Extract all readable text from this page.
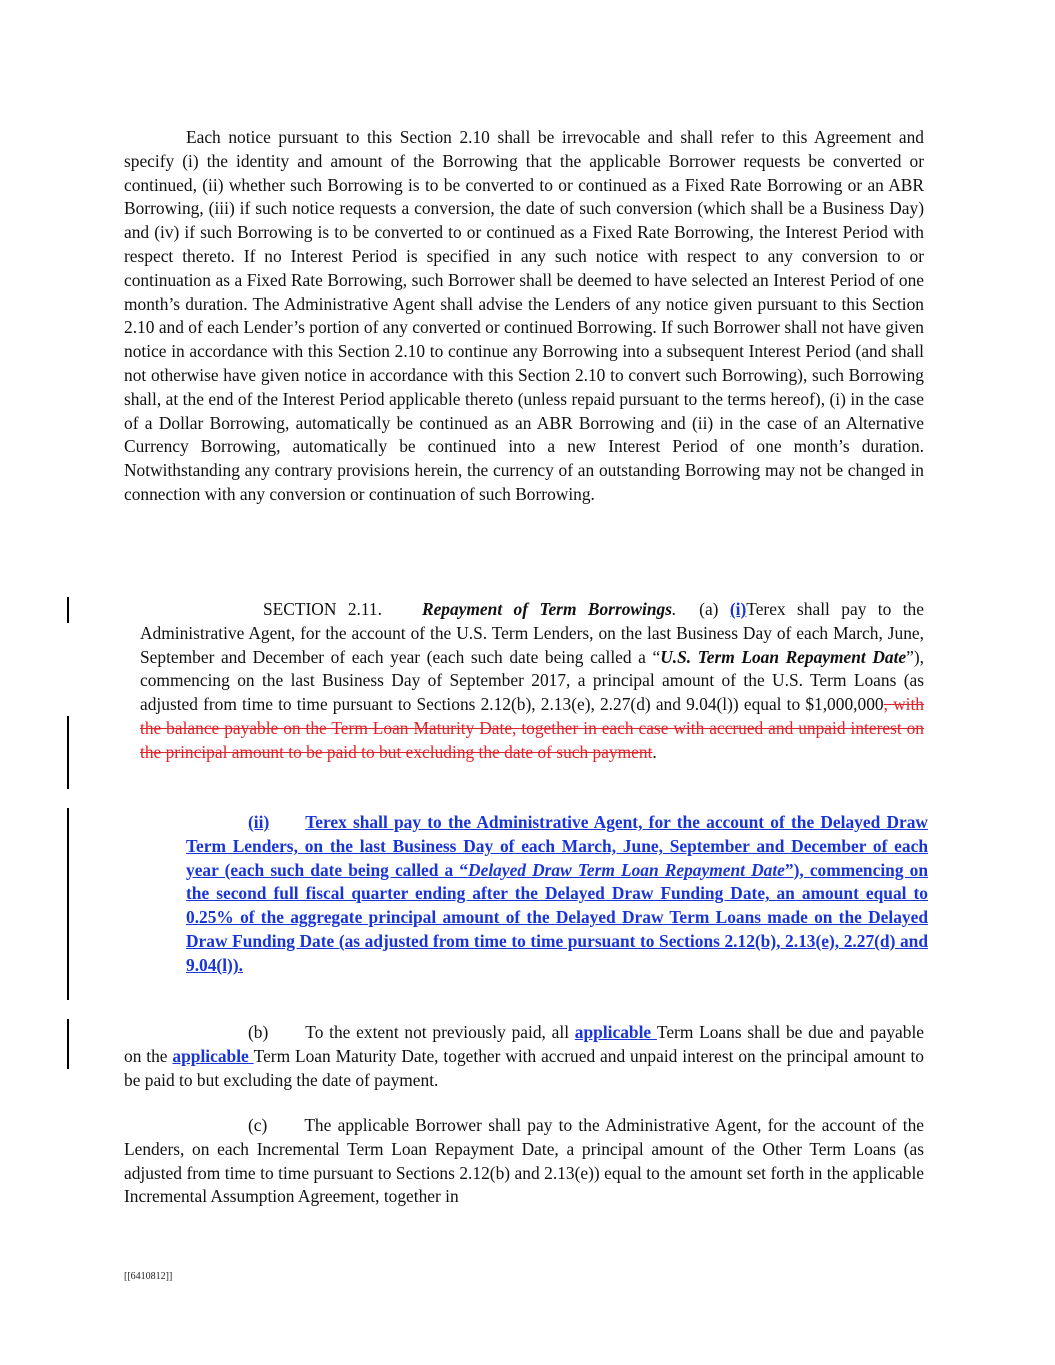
Each notice pursuant to this Section 2.10 shall be irrevocable and shall refer to this Agreement and specify (i) the identity and amount of the Borrowing that the applicable Borrower requests be converted or continued, (ii) whether such Borrowing is to be converted to or continued as a Fixed Rate Borrowing or an ABR Borrowing, (iii) if such notice requests a conversion, the date of such conversion (which shall be a Business Day) and (iv) if such Borrowing is to be converted to or continued as a Fixed Rate Borrowing, the Interest Period with respect thereto. If no Interest Period is specified in any such notice with respect to any conversion to or continuation as a Fixed Rate Borrowing, such Borrower shall be deemed to have selected an Interest Period of one month’s duration. The Administrative Agent shall advise the Lenders of any notice given pursuant to this Section 2.10 and of each Lender’s portion of any converted or continued Borrowing. If such Borrower shall not have given notice in accordance with this Section 2.10 to continue any Borrowing into a subsequent Interest Period (and shall not otherwise have given notice in accordance with this Section 2.10 to convert such Borrowing), such Borrowing shall, at the end of the Interest Period applicable thereto (unless repaid pursuant to the terms hereof), (i) in the case of a Dollar Borrowing, automatically be continued as an ABR Borrowing and (ii) in the case of an Alternative Currency Borrowing, automatically be continued into a new Interest Period of one month’s duration. Notwithstanding any contrary provisions herein, the currency of an outstanding Borrowing may not be changed in connection with any conversion or continuation of such Borrowing.

SECTION 2.11. Repayment of Term Borrowings. (a) (i)Terex shall pay to the Administrative Agent, for the account of the U.S. Term Lenders, on the last Business Day of each March, June, September and December of each year (each such date being called a “U.S. Term Loan Repayment Date”), commencing on the last Business Day of September 2017, a principal amount of the U.S. Term Loans (as adjusted from time to time pursuant to Sections 2.12(b), 2.13(e), 2.27(d) and 9.04(l)) equal to $1,000,000, with the balance payable on the Term Loan Maturity Date, together in each case with accrued and unpaid interest on the principal amount to be paid to but excluding the date of such payment.

(ii) Terex shall pay to the Administrative Agent, for the account of the Delayed Draw Term Lenders, on the last Business Day of each March, June, September and December of each year (each such date being called a “Delayed Draw Term Loan Repayment Date”), commencing on the second full fiscal quarter ending after the Delayed Draw Funding Date, an amount equal to 0.25% of the aggregate principal amount of the Delayed Draw Term Loans made on the Delayed Draw Funding Date (as adjusted from time to time pursuant to Sections 2.12(b), 2.13(e), 2.27(d) and 9.04(l)).

(b) To the extent not previously paid, all applicable Term Loans shall be due and payable on the applicable Term Loan Maturity Date, together with accrued and unpaid interest on the principal amount to be paid to but excluding the date of payment.

(c) The applicable Borrower shall pay to the Administrative Agent, for the account of the Lenders, on each Incremental Term Loan Repayment Date, a principal amount of the Other Term Loans (as adjusted from time to time pursuant to Sections 2.12(b) and 2.13(e)) equal to the amount set forth in the applicable Incremental Assumption Agreement, together in

[[6410812]]
